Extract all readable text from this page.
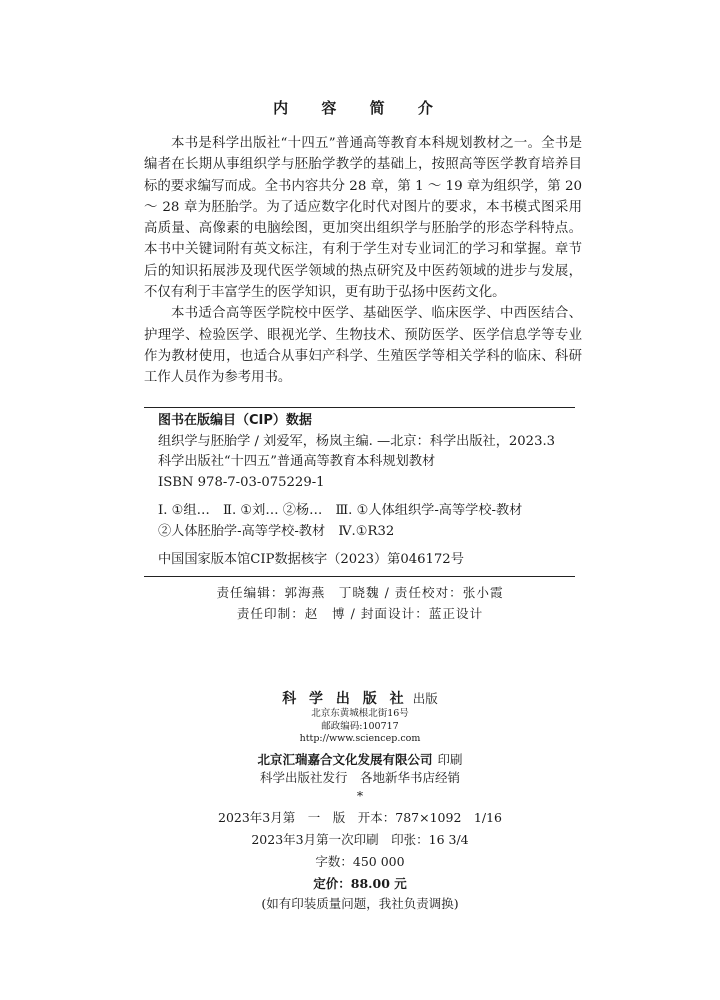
内 容 简 介

本书是科学出版社“十四五”普通高等教育本科规划教材之一。全书是编者在长期从事组织学与胚胎学教学的基础上，按照高等医学教育培养目标的要求编写而成。全书内容共分 28 章，第 1 ～ 19 章为组织学，第 20 ～ 28 章为胚胎学。为了适应数字化时代对图片的要求，本书模式图采用高质量、高像素的电脑绘图，更加突出组织学与胚胎学的形态学科特点。本书中关键词附有英文标注，有利于学生对专业词汇的学习和掌握。章节后的知识拓展涉及现代医学领域的热点研究及中医药领域的进步与发展，不仅有利于丰富学生的医学知识，更有助于弘扬中医药文化。

本书适合高等医学院校中医学、基础医学、临床医学、中西医结合、护理学、检验医学、眼视光学、生物技术、预防医学、医学信息学等专业作为教材使用，也适合从事妇产科学、生殖医学等相关学科的临床、科研工作人员作为参考用书。

图书在版编目（CIP）数据
组织学与胚胎学 / 刘爱军，杨岚主编. —北京：科学出版社，2023.3
科学出版社“十四五”普通高等教育本科规划教材
ISBN 978-7-03-075229-1
Ⅰ. ①组…　Ⅱ. ①刘… ②杨…　Ⅲ. ①人体组织学-高等学校-教材
②人体胚胎学-高等学校-教材　Ⅳ.①R32
中国国家版本馆CIP数据核字（2023）第046172号
责任编辑：郭海燕　丁晓魏 / 责任校对：张小霞
责任印制：赵　博 / 封面设计：蓝正设计
科 学 出 版 社 出版
北京东黄城根北街16号
邮政编码:100717
http://www.sciencep.com
北京汇瑞嘉合文化发展有限公司 印刷
科学出版社发行　各地新华书店经销
*
2023年3月第　一　版　开本：787×1092　1/16
2023年3月第一次印刷　印张：16 3/4
字数：450 000
定价：88.00 元
(如有印装质量问题，我社负责调换)
